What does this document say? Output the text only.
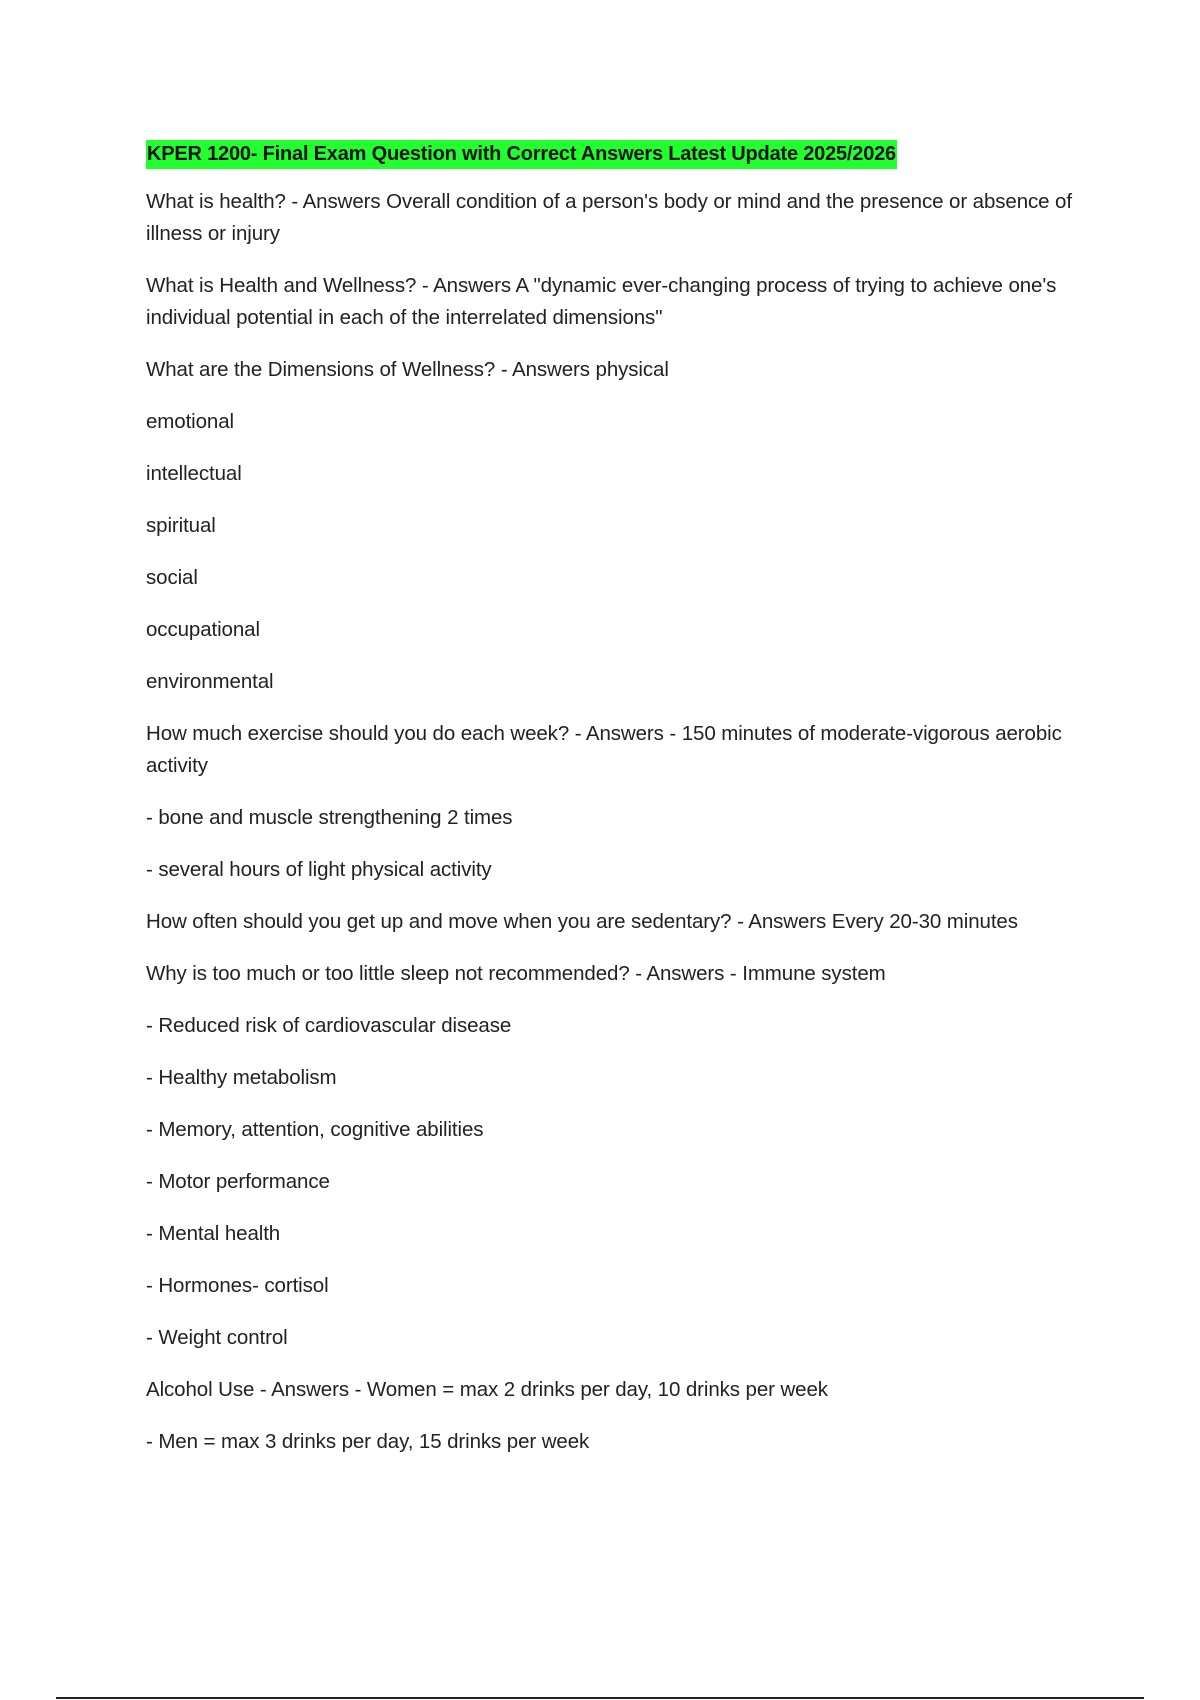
KPER 1200- Final Exam Question with Correct Answers Latest Update 2025/2026

What is health? - Answers Overall condition of a person's body or mind and the presence or absence of illness or injury

What is Health and Wellness? - Answers A "dynamic ever-changing process of trying to achieve one's individual potential in each of the interrelated dimensions"

What are the Dimensions of Wellness? - Answers physical

emotional

intellectual

spiritual

social

occupational

environmental

How much exercise should you do each week? - Answers - 150 minutes of moderate-vigorous aerobic activity

- bone and muscle strengthening 2 times

- several hours of light physical activity

How often should you get up and move when you are sedentary? - Answers Every 20-30 minutes

Why is too much or too little sleep not recommended? - Answers - Immune system

- Reduced risk of cardiovascular disease

- Healthy metabolism

- Memory, attention, cognitive abilities

- Motor performance

- Mental health

- Hormones- cortisol

- Weight control

Alcohol Use - Answers - Women = max 2 drinks per day, 10 drinks per week

- Men = max 3 drinks per day, 15 drinks per week
